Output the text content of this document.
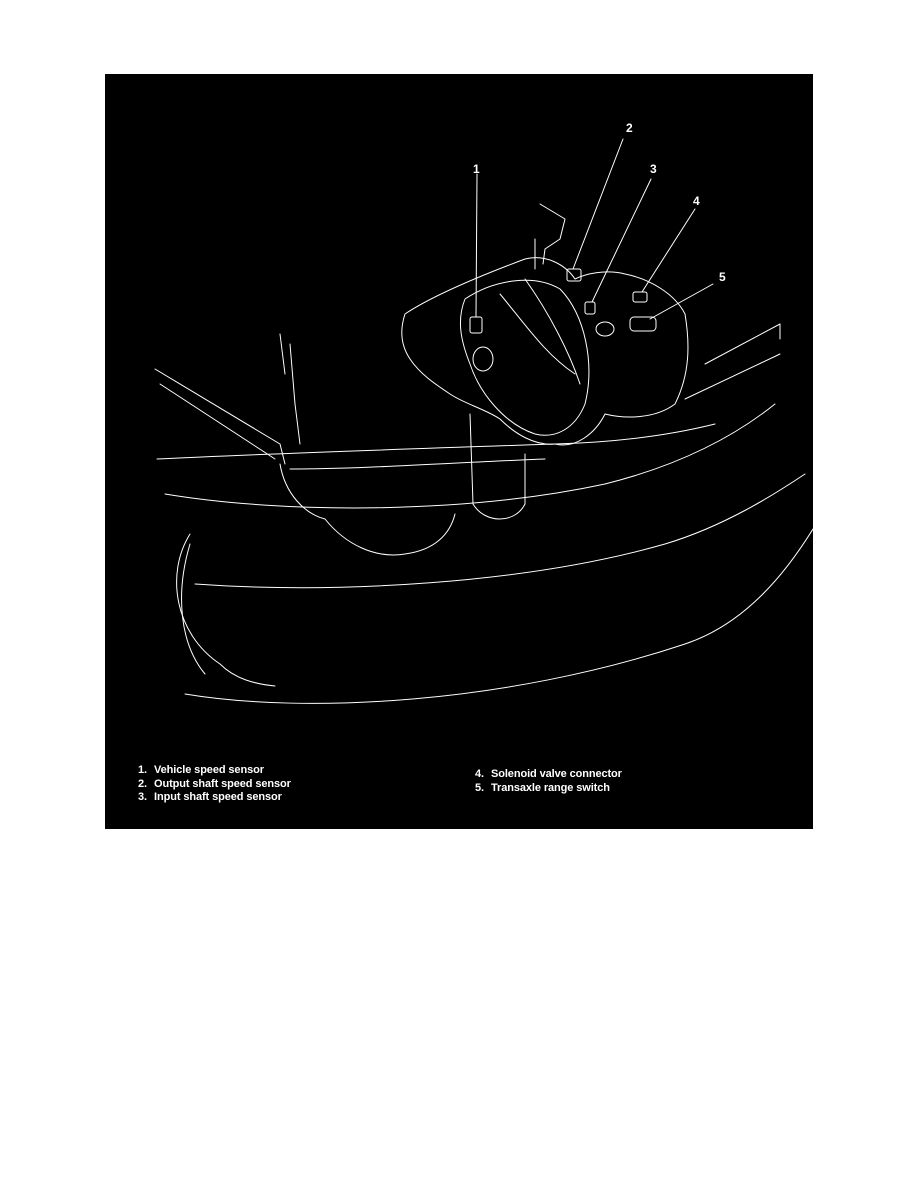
1
2
3
4
5
1. Vehicle speed sensor
2. Output shaft speed sensor
3. Input shaft speed sensor
4. Solenoid valve connector
5. Transaxle range switch
